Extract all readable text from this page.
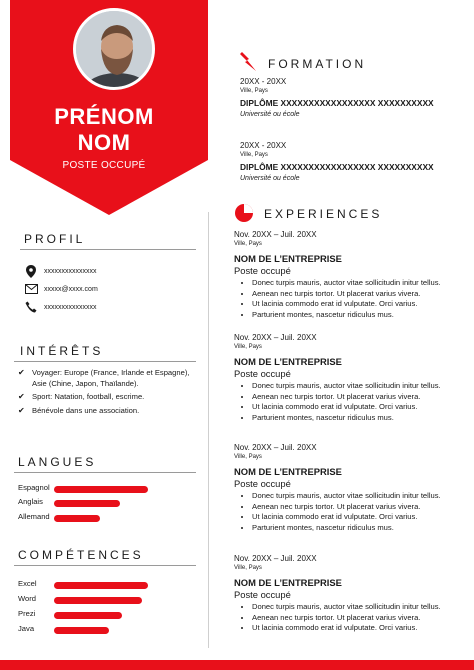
PRÉNOM
NOM
POSTE OCCUPÉ
PROFIL
xxxxxxxxxxxxxxx
xxxxx@xxxx.com
xxxxxxxxxxxxxxx
INTÉRÊTS
✔ Voyager: Europe (France, Irlande et Espagne), Asie (Chine, Japon, Thaïlande).
✔ Sport: Natation, football, escrime.
✔ Bénévole dans une association.
LANGUES
Espagnol
Anglais
Allemand
COMPÉTENCES
Excel
Word
Prezi
Java
FORMATION
20XX - 20XX
Ville, Pays
DIPLÔME XXXXXXXXXXXXXXXXX XXXXXXXXXX
Université ou école
20XX - 20XX
Ville, Pays
DIPLÔME XXXXXXXXXXXXXXXXX XXXXXXXXXX
Université ou école
EXPERIENCES
Nov. 20XX – Juil. 20XX
Ville, Pays
NOM DE L’ENTREPRISE
Poste occupé
• Donec turpis mauris, auctor vitae sollicitudin initur tellus.
• Aenean nec turpis tortor. Ut placerat varius vivera.
• Ut lacinia commodo erat id vulputate. Orci varius.
• Parturient montes, nascetur ridiculus mus.
Nov. 20XX – Juil. 20XX
Ville, Pays
NOM DE L’ENTREPRISE
Poste occupé
• Donec turpis mauris, auctor vitae sollicitudin initur tellus.
• Aenean nec turpis tortor. Ut placerat varius vivera.
• Ut lacinia commodo erat id vulputate. Orci varius.
• Parturient montes, nascetur ridiculus mus.
Nov. 20XX – Juil. 20XX
Ville, Pays
NOM DE L’ENTREPRISE
Poste occupé
• Donec turpis mauris, auctor vitae sollicitudin initur tellus.
• Aenean nec turpis tortor. Ut placerat varius vivera.
• Ut lacinia commodo erat id vulputate. Orci varius.
• Parturient montes, nascetur ridiculus mus.
Nov. 20XX – Juil. 20XX
Ville, Pays
NOM DE L’ENTREPRISE
Poste occupé
• Donec turpis mauris, auctor vitae sollicitudin initur tellus.
• Aenean nec turpis tortor. Ut placerat varius vivera.
• Ut lacinia commodo erat id vulputate. Orci varius.
